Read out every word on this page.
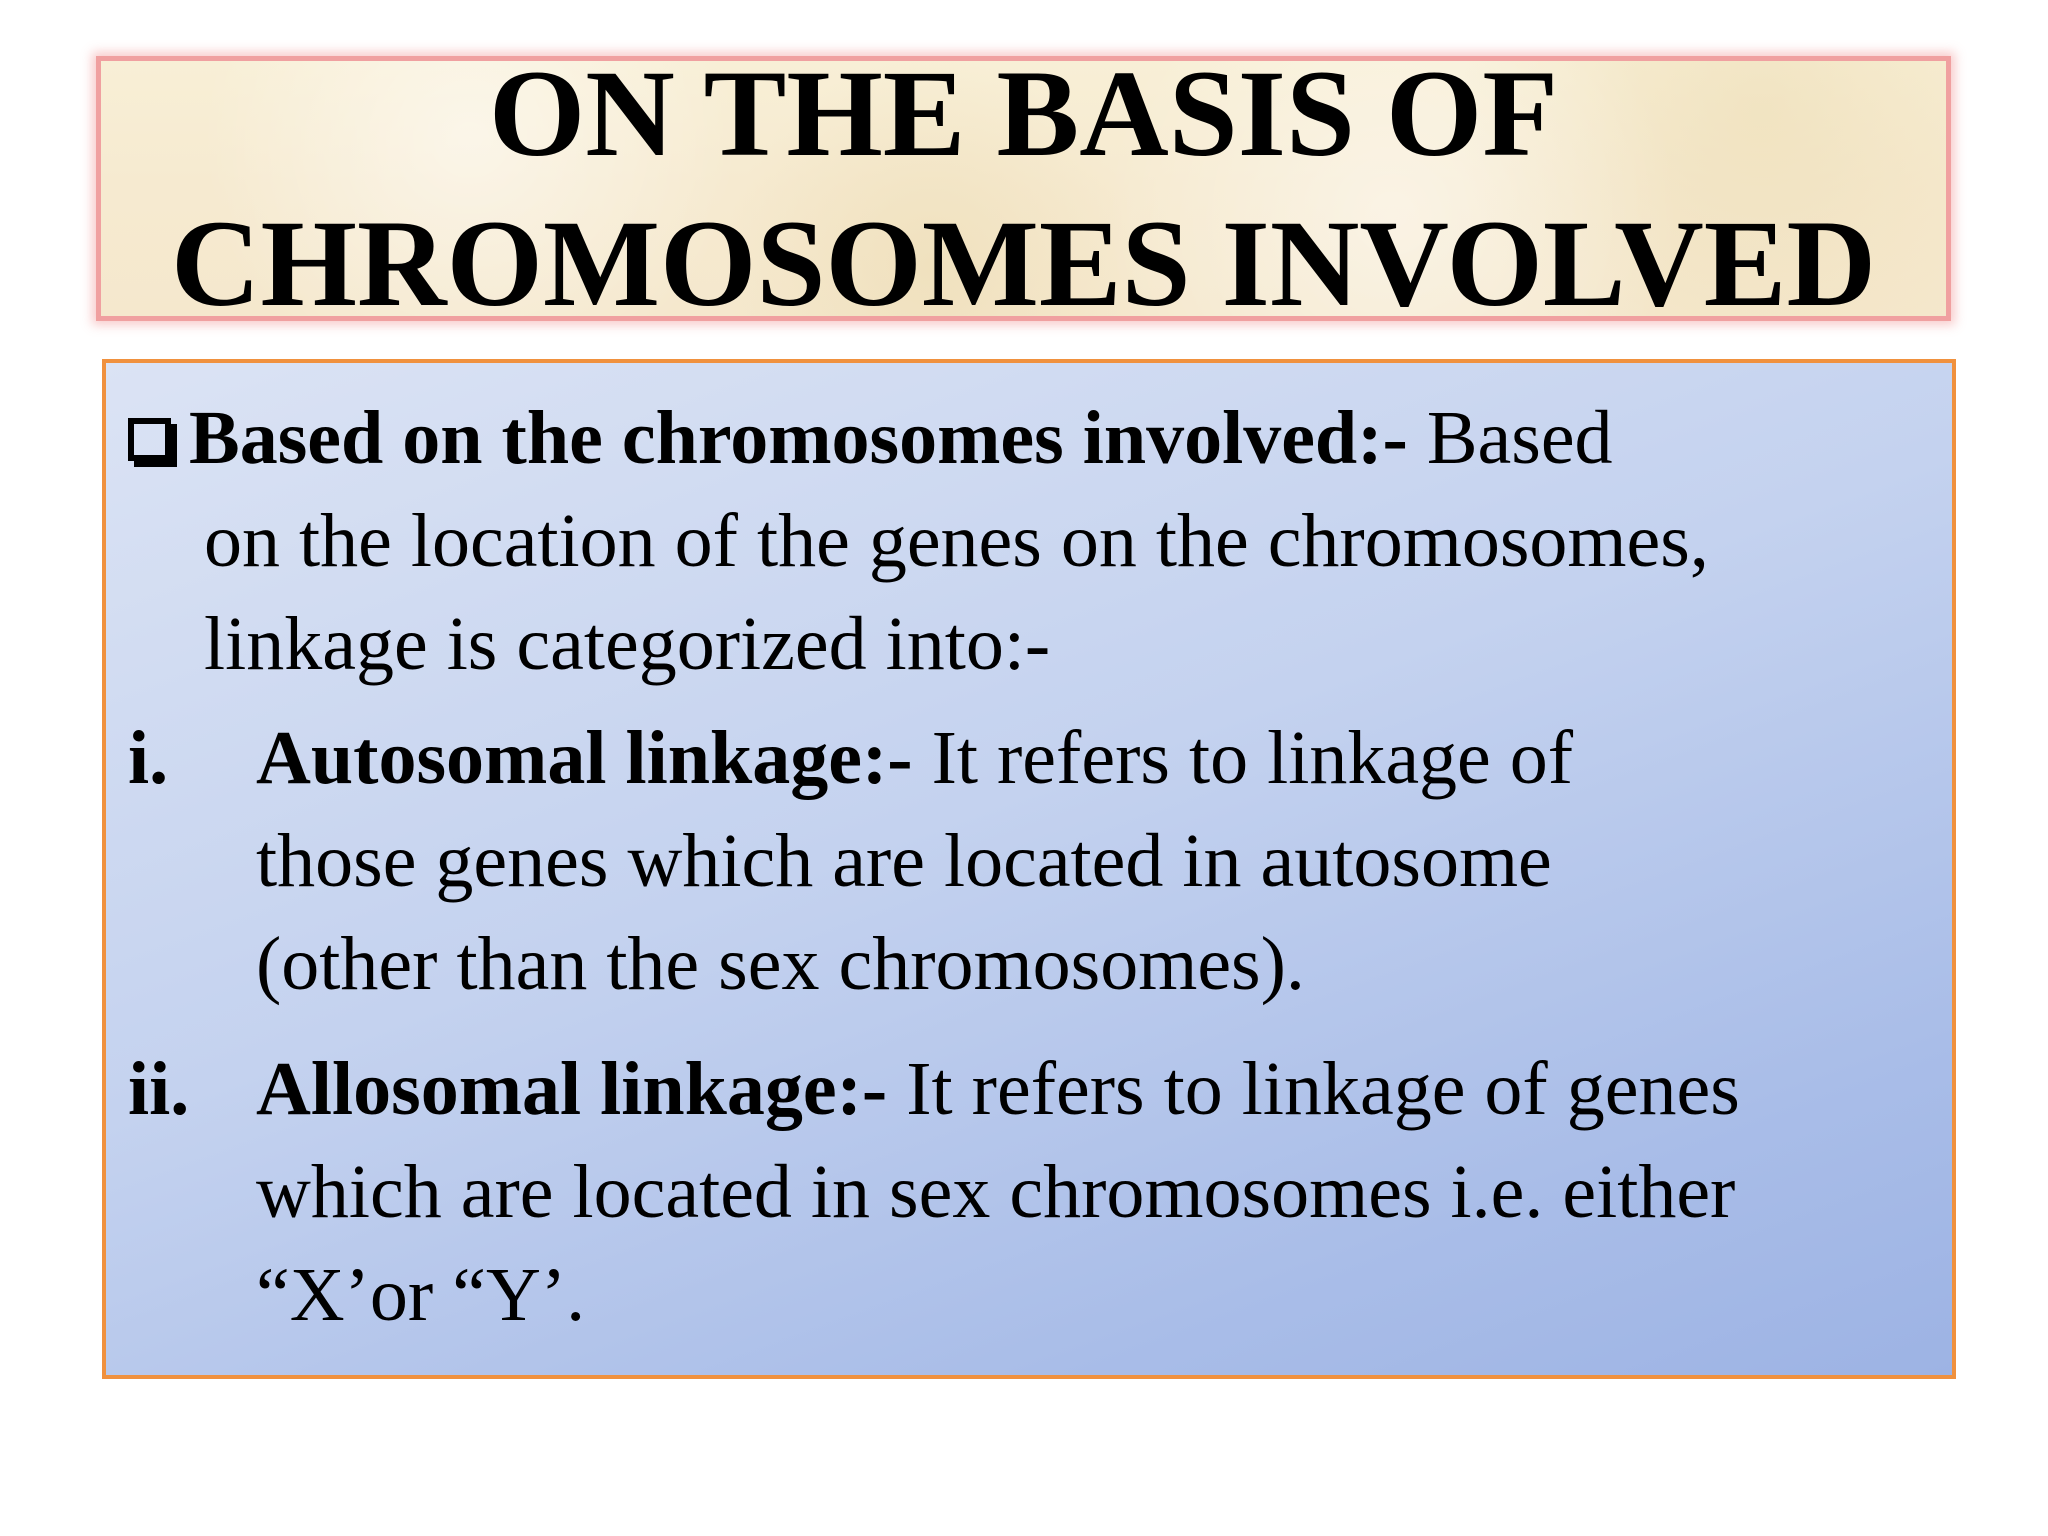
ON THE BASIS OF
CHROMOSOMES INVOLVED
Based on the chromosomes involved:- Based
on the location of the genes on the chromosomes,
linkage is categorized into:-
i. Autosomal linkage:- It refers to linkage of
those genes which are located in autosome
(other than the sex chromosomes).
ii. Allosomal linkage:- It refers to linkage of genes
which are located in sex chromosomes i.e. either
“X’or “Y’.
